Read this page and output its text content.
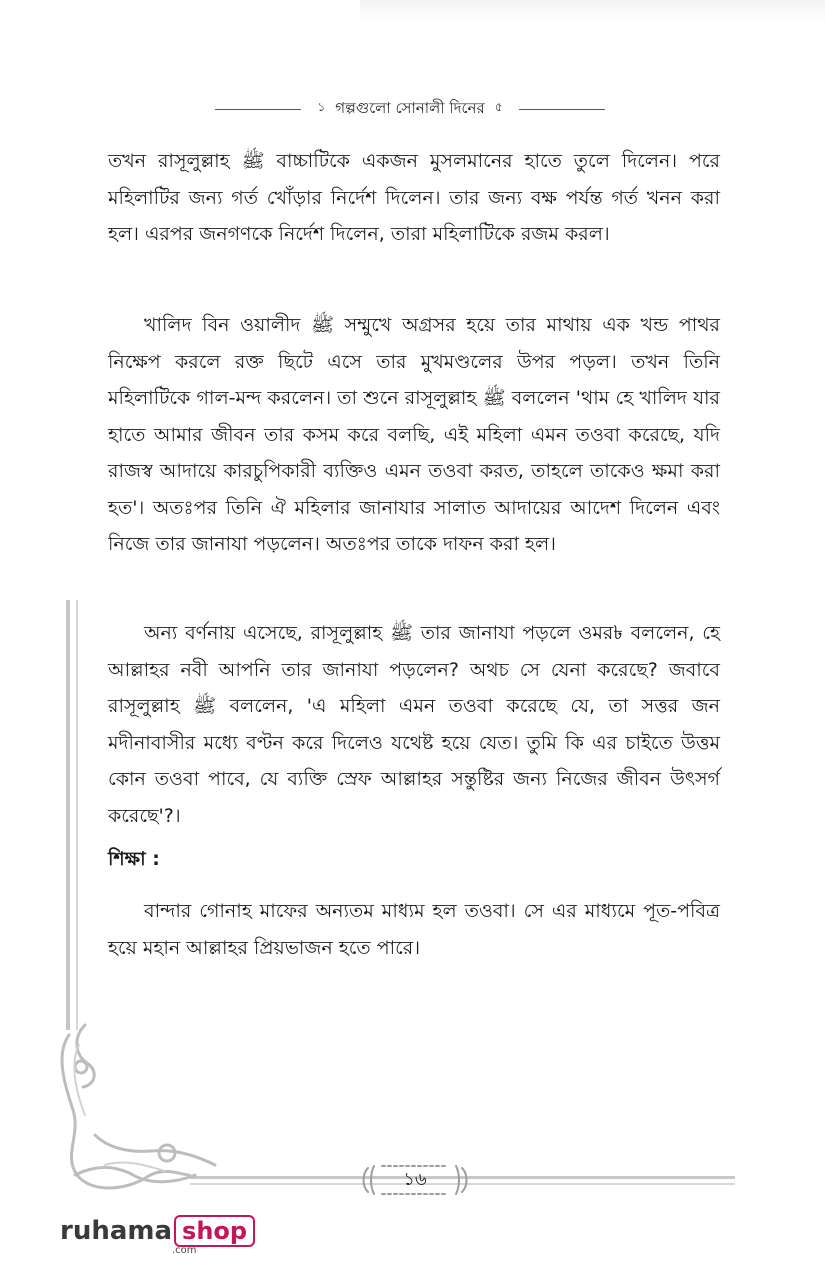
১ গল্পগুলো সোনালী দিনের ৫

তখন রাসূলুল্লাহ ﷺ বাচ্চাটিকে একজন মুসলমানের হাতে তুলে দিলেন। পরে মহিলাটির জন্য গর্ত খোঁড়ার নির্দেশ দিলেন। তার জন্য বক্ষ পর্যন্ত গর্ত খনন করা হল। এরপর জনগণকে নির্দেশ দিলেন, তারা মহিলাটিকে রজম করল।

খালিদ বিন ওয়ালীদ ﷺ সম্মুখে অগ্রসর হয়ে তার মাথায় এক খন্ড পাথর নিক্ষেপ করলে রক্ত ছিটে এসে তার মুখমণ্ডলের উপর পড়ল। তখন তিনি মহিলাটিকে গাল-মন্দ করলেন। তা শুনে রাসূলুল্লাহ ﷺ বললেন 'থাম হে খালিদ যার হাতে আমার জীবন তার কসম করে বলছি, এই মহিলা এমন তওবা করেছে, যদি রাজস্ব আদায়ে কারচুপিকারী ব্যক্তিও এমন তওবা করত, তাহলে তাকেও ক্ষমা করা হত'। অতঃপর তিনি ঐ মহিলার জানাযার সালাত আদায়ের আদেশ দিলেন এবং নিজে তার জানাযা পড়লেন। অতঃপর তাকে দাফন করা হল।

অন্য বর্ণনায় এসেছে, রাসূলুল্লাহ ﷺ তার জানাযা পড়লে ওমর৳ বললেন, হে আল্লাহর নবী আপনি তার জানাযা পড়লেন? অথচ সে যেনা করেছে? জবাবে রাসূলুল্লাহ ﷺ বললেন, 'এ মহিলা এমন তওবা করেছে যে, তা সত্তর জন মদীনাবাসীর মধ্যে বণ্টন করে দিলেও যথেষ্ট হয়ে যেত। তুমি কি এর চাইতে উত্তম কোন তওবা পাবে, যে ব্যক্তি স্রেফ আল্লাহর সন্তুষ্টির জন্য নিজের জীবন উৎসর্গ করেছে'?।

শিক্ষা :

বান্দার গোনাহ মাফের অন্যতম মাধ্যম হল তওবা। সে এর মাধ্যমে পূত-পবিত্র হয়ে মহান আল্লাহর প্রিয়ভাজন হতে পারে।

১৬
ruhama shop
.com
